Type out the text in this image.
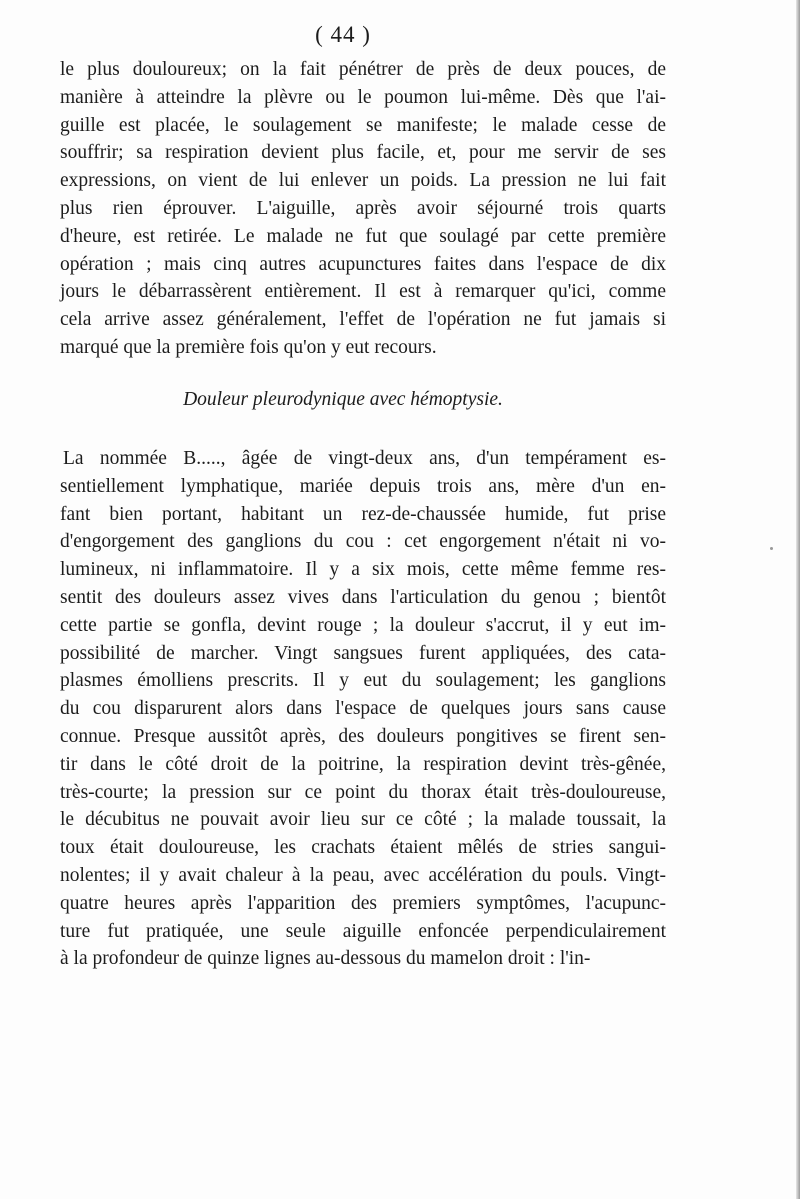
( 44 )
le plus douloureux; on la fait pénétrer de près de deux pouces, de
manière à atteindre la plèvre ou le poumon lui-même. Dès que l'ai-
guille est placée, le soulagement se manifeste; le malade cesse de
souffrir; sa respiration devient plus facile, et, pour me servir de ses
expressions, on vient de lui enlever un poids. La pression ne lui fait
plus rien éprouver. L'aiguille, après avoir séjourné trois quarts
d'heure, est retirée. Le malade ne fut que soulagé par cette première
opération ; mais cinq autres acupunctures faites dans l'espace de dix
jours le débarrassèrent entièrement. Il est à remarquer qu'ici, comme
cela arrive assez généralement, l'effet de l'opération ne fut jamais si
marqué que la première fois qu'on y eut recours.
Douleur pleurodynique avec hémoptysie.
La nommée B....., âgée de vingt-deux ans, d'un tempérament es-
sentiellement lymphatique, mariée depuis trois ans, mère d'un en-
fant bien portant, habitant un rez-de-chaussée humide, fut prise
d'engorgement des ganglions du cou : cet engorgement n'était ni vo-
lumineux, ni inflammatoire. Il y a six mois, cette même femme res-
sentit des douleurs assez vives dans l'articulation du genou ; bientôt
cette partie se gonfla, devint rouge ; la douleur s'accrut, il y eut im-
possibilité de marcher. Vingt sangsues furent appliquées, des cata-
plasmes émolliens prescrits. Il y eut du soulagement; les ganglions
du cou disparurent alors dans l'espace de quelques jours sans cause
connue. Presque aussitôt après, des douleurs pongitives se firent sen-
tir dans le côté droit de la poitrine, la respiration devint très-gênée,
très-courte; la pression sur ce point du thorax était très-douloureuse,
le décubitus ne pouvait avoir lieu sur ce côté ; la malade toussait, la
toux était douloureuse, les crachats étaient mêlés de stries sangui-
nolentes; il y avait chaleur à la peau, avec accélération du pouls. Vingt-
quatre heures après l'apparition des premiers symptômes, l'acupunc-
ture fut pratiquée, une seule aiguille enfoncée perpendiculairement
à la profondeur de quinze lignes au-dessous du mamelon droit : l'in-
